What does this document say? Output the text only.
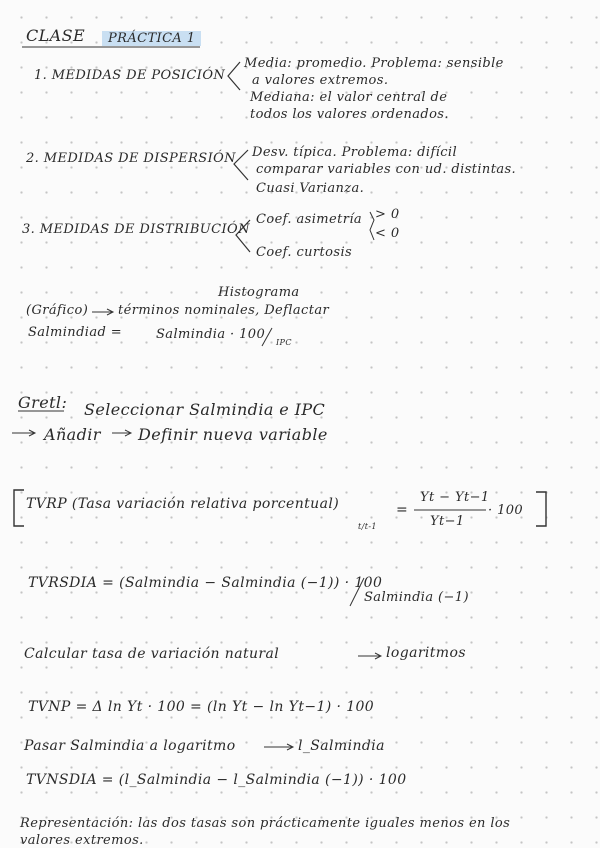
CLASE	PRÁCTICA 1
1. MEDIDAS DE POSICIÓN
Media: promedio. Problema: sensible
a valores extremos.
Mediana: el valor central de
todos los valores ordenados.
2. MEDIDAS DE DISPERSIÓN Desv. típica. Problema: difícil
comparar variables con ud. distintas.
Cuasi Varianza.
3. MEDIDAS DE DISTRIBUCIÓN
Coef. asimetría > 0
< 0
Coef. curtosis
Histograma
(Gráfico) términos nominales, Deflactar
Salmindiad =	Salmindia · 100
IPC
Gretl: Seleccionar Salmindia e IPC
Añadir Definir nueva variable
TVRP (Tasa variación relativa porcentual)
t/t-1
=
Yt − Yt−1
Yt−1
· 100
TVRSDIA = (Salmindia − Salmindia (−1)) · 100
Salmindia (−1)
Calcular tasa de variación natural	logaritmos
TVNP = Δ ln Yt · 100 = (ln Yt − ln Yt−1) · 100
Pasar Salmindia a logaritmo	l_Salmindia
TVNSDIA = (l_Salmindia − l_Salmindia (−1)) · 100
Representación: las dos tasas son prácticamente iguales menos en los
valores extremos.
